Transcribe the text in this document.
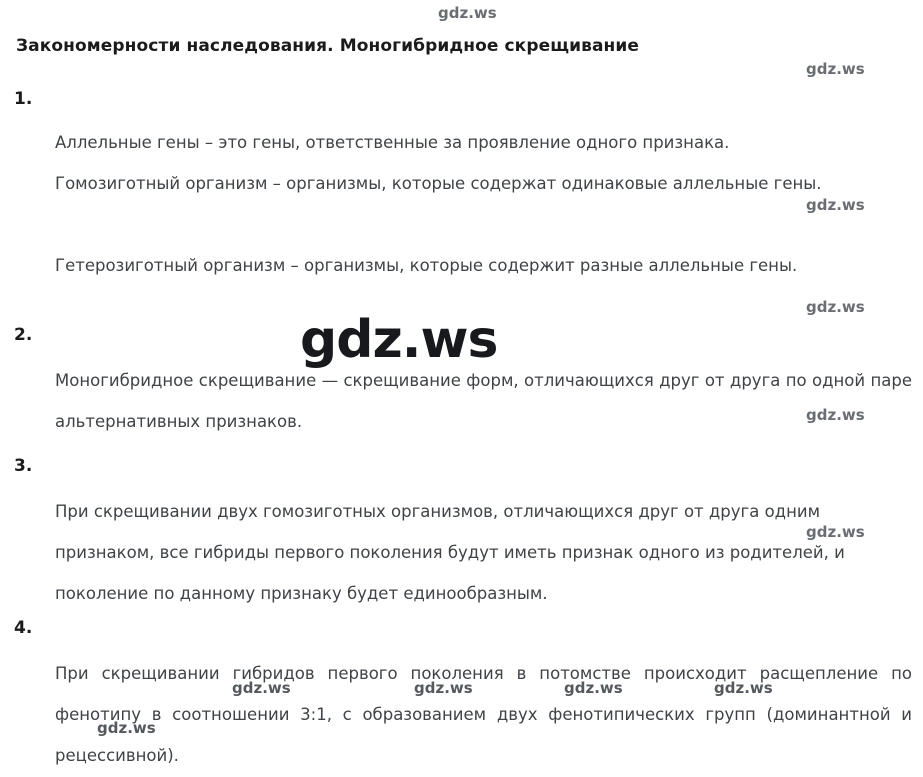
Закономерности наследования. Моногибридное скрещивание
1.
Аллельные гены – это гены, ответственные за проявление одного признака.
Гомозиготный организм – организмы, которые содержат одинаковые аллельные гены.
Гетерозиготный организм – организмы, которые содержит разные аллельные гены.
2.
Моногибридное скрещивание — скрещивание форм, отличающихся друг от друга по одной паре альтернативных признаков.
3.
При скрещивании двух гомозиготных организмов, отличающихся друг от друга одним признаком, все гибриды первого поколения будут иметь признак одного из родителей, и поколение по данному признаку будет единообразным.
4.
При скрещивании гибридов первого поколения в потомстве происходит расщепление по фенотипу в соотношении 3:1, с образованием двух фенотипических групп (доминантной и рецессивной).
gdz.ws
gdz.ws
gdz.ws
gdz.ws
gdz.ws
gdz.ws
gdz.ws
gdz.ws	gdz.ws	gdz.ws	gdz.ws
gdz.ws
